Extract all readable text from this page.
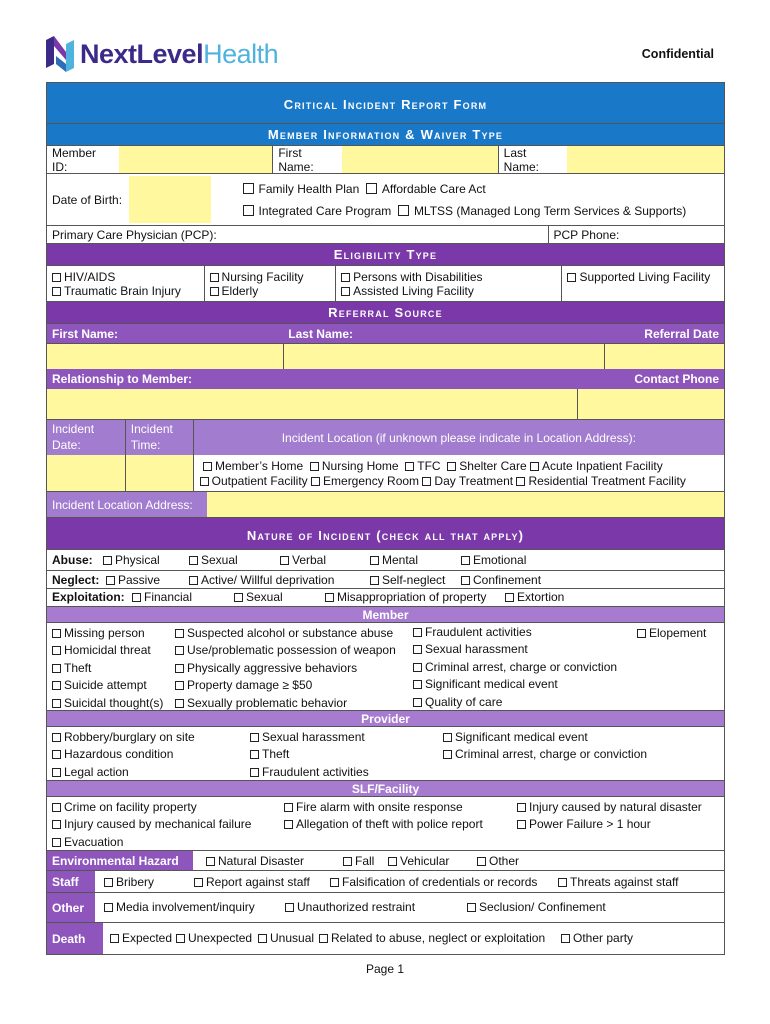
NextLevelHealth	Confidential
Critical Incident Report Form
Member Information & Waiver Type
Member ID:
First Name:
Last Name:
Date of Birth:
Family Health Plan Affordable Care Act
Integrated Care Program MLTSS (Managed Long Term Services & Supports)
Primary Care Physician (PCP):	PCP Phone:
Eligibility Type
HIV/AIDS
Traumatic Brain Injury
Nursing Facility
Elderly
Persons with Disabilities
Assisted Living Facility
Supported Living Facility
Referral Source
First Name:	Last Name:	Referral Date
Relationship to Member:	Contact Phone
Incident Date:
Incident Time:
Incident Location (if unknown please indicate in Location Address):
Member’s Home Nursing Home TFC Shelter Care Acute Inpatient Facility
Outpatient Facility Emergency Room Day Treatment Residential Treatment Facility
Incident Location Address:
Nature of Incident (check all that apply)
Abuse:	Physical	Sexual	Verbal	Mental	Emotional
Neglect:	Passive	Active/ Willful deprivation	Self-neglect	Confinement
Exploitation:	Financial	Sexual	Misappropriation of property	Extortion
Member
Missing person
Homicidal threat
Theft
Suicide attempt
Suicidal thought(s)
Suspected alcohol or substance abuse
Use/problematic possession of weapon
Physically aggressive behaviors
Property damage ≥ $50
Sexually problematic behavior
Fraudulent activities
Sexual harassment
Criminal arrest, charge or conviction
Significant medical event
Quality of care
Elopement
Provider
Robbery/burglary on site
Hazardous condition
Legal action
Sexual harassment
Theft
Fraudulent activities
Significant medical event
Criminal arrest, charge or conviction
SLF/Facility
Crime on facility property
Injury caused by mechanical failure
Evacuation
Fire alarm with onsite response
Allegation of theft with police report
Injury caused by natural disaster
Power Failure > 1 hour
Environmental Hazard	Natural Disaster	Fall	Vehicular	Other
Staff	Bribery	Report against staff	Falsification of credentials or records	Threats against staff
Other	Media involvement/inquiry	Unauthorized restraint	Seclusion/ Confinement
Death	Expected	Unexpected	Unusual	Related to abuse, neglect or exploitation	Other party
Page 1
